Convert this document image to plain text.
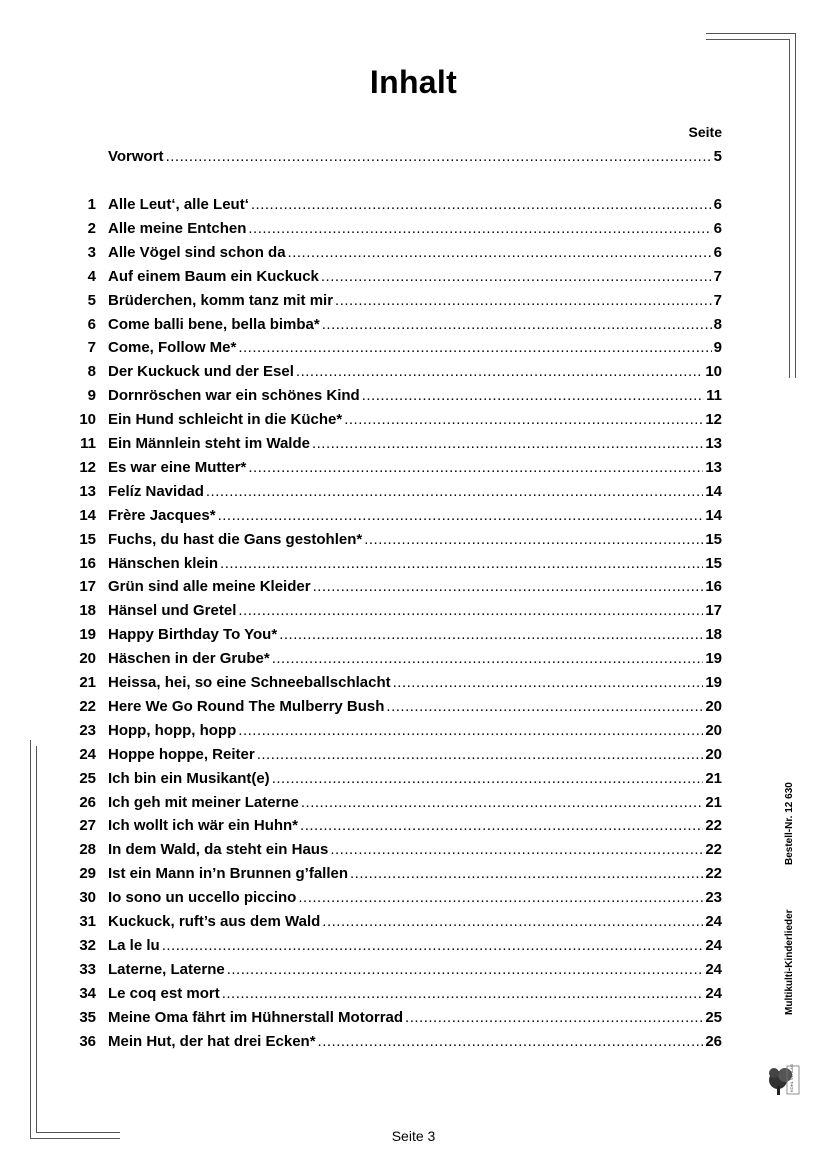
Inhalt
Seite
Vorwort .....	5
1 Alle Leut‘, alle Leut‘ .....	6
2 Alle meine Entchen .....	6
3 Alle Vögel sind schon da .....	6
4 Auf einem Baum ein Kuckuck .....	7
5 Brüderchen, komm tanz mit mir .....	7
6 Come balli bene, bella bimba* .....	8
7 Come, Follow Me* .....	9
8 Der Kuckuck und der Esel .....	10
9 Dornröschen war ein schönes Kind .....	11
10 Ein Hund schleicht in die Küche* .....	12
11 Ein Männlein steht im Walde .....	13
12 Es war eine Mutter* .....	13
13 Felíz Navidad .....	14
14 Frère Jacques* .....	14
15 Fuchs, du hast die Gans gestohlen* .....	15
16 Hänschen klein .....	15
17 Grün sind alle meine Kleider .....	16
18 Hänsel und Gretel .....	17
19 Happy Birthday To You* .....	18
20 Häschen in der Grube* .....	19
21 Heissa, hei, so eine Schneeballschlacht .....	19
22 Here We Go Round The Mulberry Bush .....	20
23 Hopp, hopp, hopp .....	20
24 Hoppe hoppe, Reiter .....	20
25 Ich bin ein Musikant(e) .....	21
26 Ich geh mit meiner Laterne .....	21
27 Ich wollt ich wär ein Huhn* .....	22
28 In dem Wald, da steht ein Haus .....	22
29 Ist ein Mann in’n Brunnen g’fallen .....	22
30 Io sono un uccello piccino .....	23
31 Kuckuck, ruft’s aus dem Wald .....	24
32 La le lu .....	24
33 Laterne, Laterne .....	24
34 Le coq est mort .....	24
35 Meine Oma fährt im Hühnerstall Motorrad .....	25
36 Mein Hut, der hat drei Ecken* .....	26
Seite 3
Bestell-Nr. 12 630
Multikulti-Kinderlieder
KOHL VERLAG
